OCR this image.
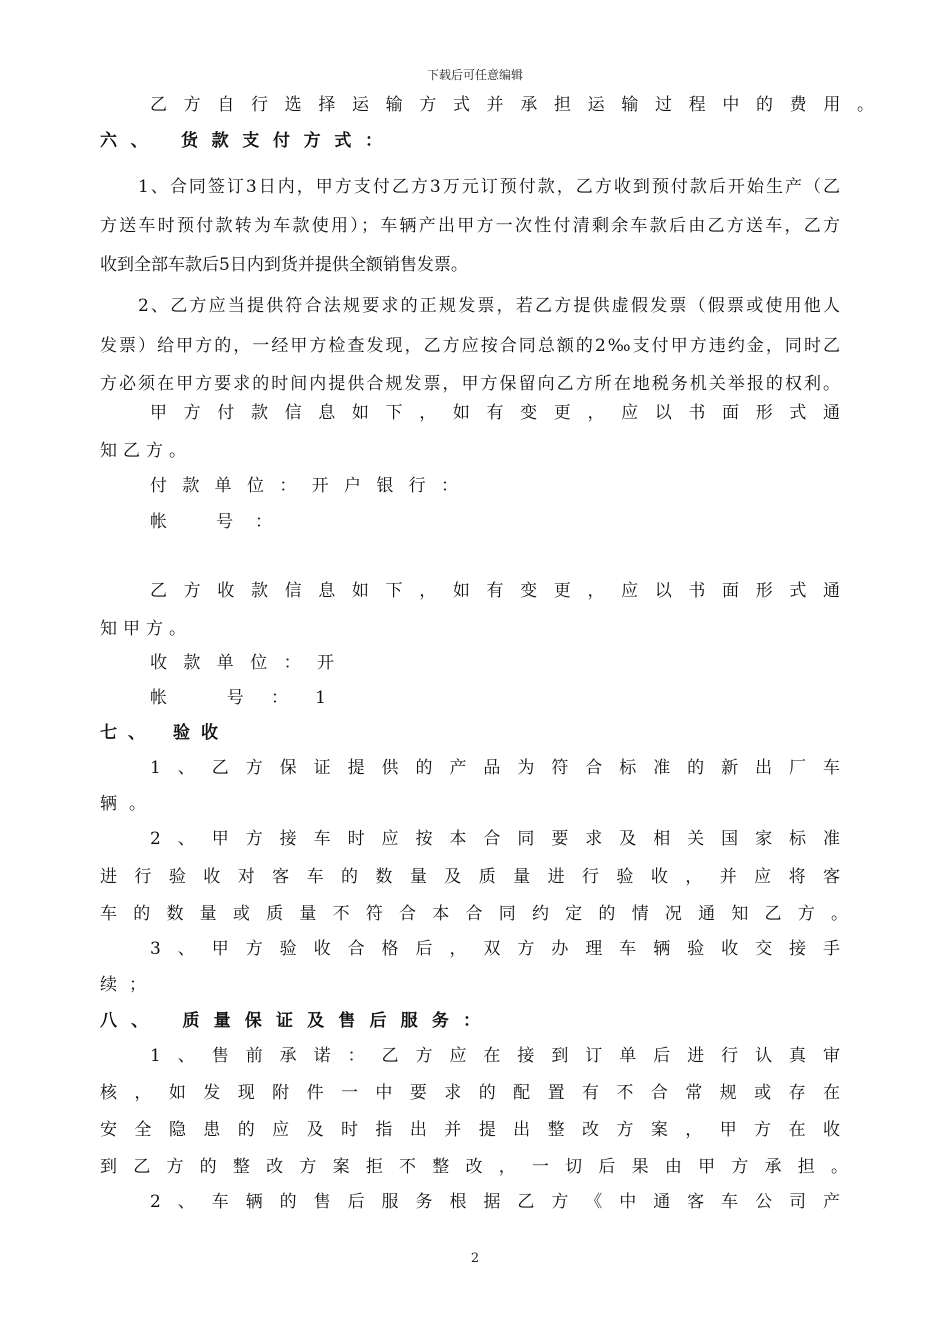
下载后可任意编辑
乙方自行选择运输方式并承担运输过程中的费用。
六、 货款支付方式：
1、合同签订3日内，甲方支付乙方3万元订预付款，乙方收到预付款后开始生产（乙
方送车时预付款转为车款使用）；车辆产出甲方一次性付清剩余车款后由乙方送车，乙方
收到全部车款后5日内到货并提供全额销售发票。
2、乙方应当提供符合法规要求的正规发票，若乙方提供虚假发票（假票或使用他人
发票）给甲方的，一经甲方检查发现，乙方应按合同总额的2‰支付甲方违约金，同时乙
方必须在甲方要求的时间内提供合规发票，甲方保留向乙方所在地税务机关举报的权利。
甲方付款信息如下，如有变更，应以书面形式通
知乙方。
付款单位：开户银行：
帐 号：
乙方收款信息如下，如有变更，应以书面形式通
知甲方。
收款单位：开
帐 号：1
七、 验收
1、乙方保证提供的产品为符合标准的新出厂车
辆。
2、甲方接车时应按本合同要求及相关国家标准
进行验收对客车的数量及质量进行验收，并应将客
车的数量或质量不符合本合同约定的情况通知乙方。
3、甲方验收合格后，双方办理车辆验收交接手
续；
八、 质量保证及售后服务：
1、售前承诺：乙方应在接到订单后进行认真审
核，如发现附件一中要求的配置有不合常规或存在
安全隐患的应及时指出并提出整改方案，甲方在收
到乙方的整改方案拒不整改，一切后果由甲方承担。
2、车辆的售后服务根据乙方《中通客车公司产
2
